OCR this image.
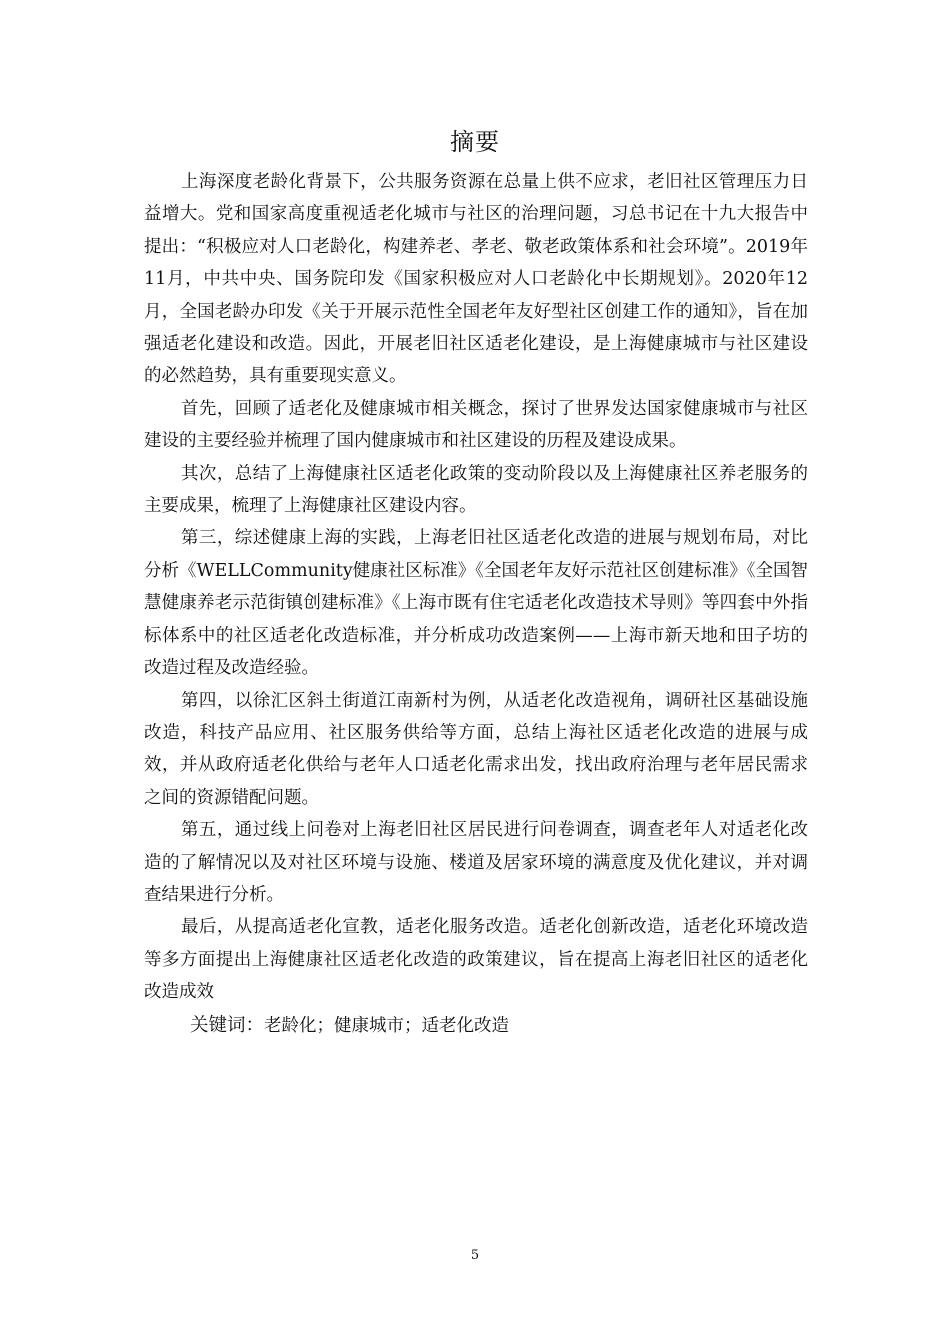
摘要

上海深度老龄化背景下，公共服务资源在总量上供不应求，老旧社区管理压力日益增大。党和国家高度重视适老化城市与社区的治理问题，习总书记在十九大报告中提出：“积极应对人口老龄化，构建养老、孝老、敬老政策体系和社会环境”。2019年11月，中共中央、国务院印发《国家积极应对人口老龄化中长期规划》。2020年12月，全国老龄办印发《关于开展示范性全国老年友好型社区创建工作的通知》，旨在加强适老化建设和改造。因此，开展老旧社区适老化建设，是上海健康城市与社区建设的必然趋势，具有重要现实意义。

首先，回顾了适老化及健康城市相关概念，探讨了世界发达国家健康城市与社区建设的主要经验并梳理了国内健康城市和社区建设的历程及建设成果。

其次，总结了上海健康社区适老化政策的变动阶段以及上海健康社区养老服务的主要成果，梳理了上海健康社区建设内容。

第三，综述健康上海的实践，上海老旧社区适老化改造的进展与规划布局，对比分析《WELLCommunity健康社区标准》《全国老年友好示范社区创建标准》《全国智慧健康养老示范街镇创建标准》《上海市既有住宅适老化改造技术导则》等四套中外指标体系中的社区适老化改造标准，并分析成功改造案例——上海市新天地和田子坊的改造过程及改造经验。

第四，以徐汇区斜土街道江南新村为例，从适老化改造视角，调研社区基础设施改造，科技产品应用、社区服务供给等方面，总结上海社区适老化改造的进展与成效，并从政府适老化供给与老年人口适老化需求出发，找出政府治理与老年居民需求之间的资源错配问题。

第五，通过线上问卷对上海老旧社区居民进行问卷调查，调查老年人对适老化改造的了解情况以及对社区环境与设施、楼道及居家环境的满意度及优化建议，并对调查结果进行分析。

最后，从提高适老化宣教，适老化服务改造。适老化创新改造，适老化环境改造等多方面提出上海健康社区适老化改造的政策建议，旨在提高上海老旧社区的适老化改造成效

关键词：老龄化；健康城市；适老化改造

5
